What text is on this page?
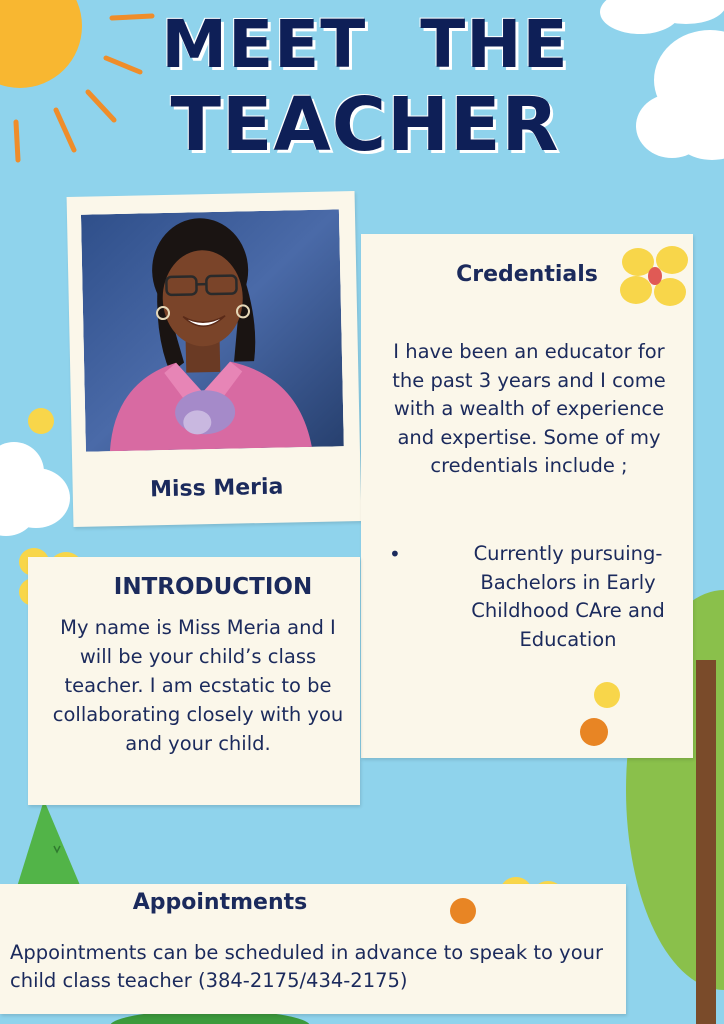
MEET THE
TEACHER
Miss Meria
Credentials
I have been an educator for the past 3 years and I come with a wealth of experience and expertise. Some of my credentials include ;
•	Currently pursuing- Bachelors in Early Childhood CAre and Education
INTRODUCTION
My name is Miss Meria and I will be your child’s class teacher. I am ecstatic to be collaborating closely with you and your child.
Appointments
Appointments can be scheduled in advance to speak to your child class teacher (384-2175/434-2175)
